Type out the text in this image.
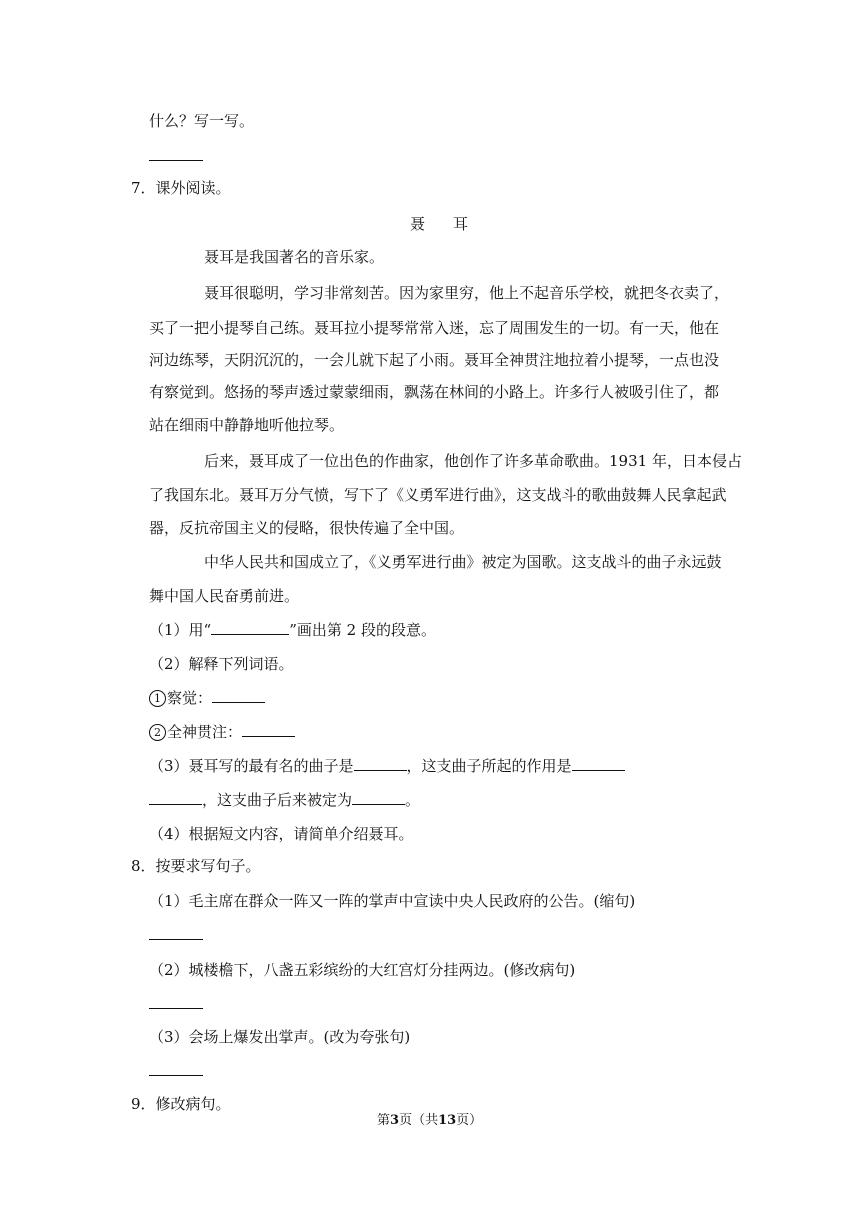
什么？写一写。
7．课外阅读。
聂耳
聂耳是我国著名的音乐家。
聂耳很聪明，学习非常刻苦。因为家里穷，他上不起音乐学校，就把冬衣卖了，
买了一把小提琴自己练。聂耳拉小提琴常常入迷，忘了周围发生的一切。有一天，他在
河边练琴，天阴沉沉的，一会儿就下起了小雨。聂耳全神贯注地拉着小提琴，一点也没
有察觉到。悠扬的琴声透过蒙蒙细雨，飘荡在林间的小路上。许多行人被吸引住了，都
站在细雨中静静地听他拉琴。
后来，聂耳成了一位出色的作曲家，他创作了许多革命歌曲。1931 年，日本侵占
了我国东北。聂耳万分气愤，写下了《义勇军进行曲》，这支战斗的歌曲鼓舞人民拿起武
器，反抗帝国主义的侵略，很快传遍了全中国。
中华人民共和国成立了，《义勇军进行曲》被定为国歌。这支战斗的曲子永远鼓
舞中国人民奋勇前进。
（1）用“	”画出第 2 段的段意。
（2）解释下列词语。
1 察觉：
2 全神贯注：
（3）聂耳写的最有名的曲子是	，这支曲子所起的作用是
，这支曲子后来被定为	。
（4）根据短文内容，请简单介绍聂耳。
8．按要求写句子。
（1）毛主席在群众一阵又一阵的掌声中宣读中央人民政府的公告。(缩句)
（2）城楼檐下，八盏五彩缤纷的大红宫灯分挂两边。(修改病句)
（3）会场上爆发出掌声。(改为夸张句)
9．修改病句。
第3页（共13页）
